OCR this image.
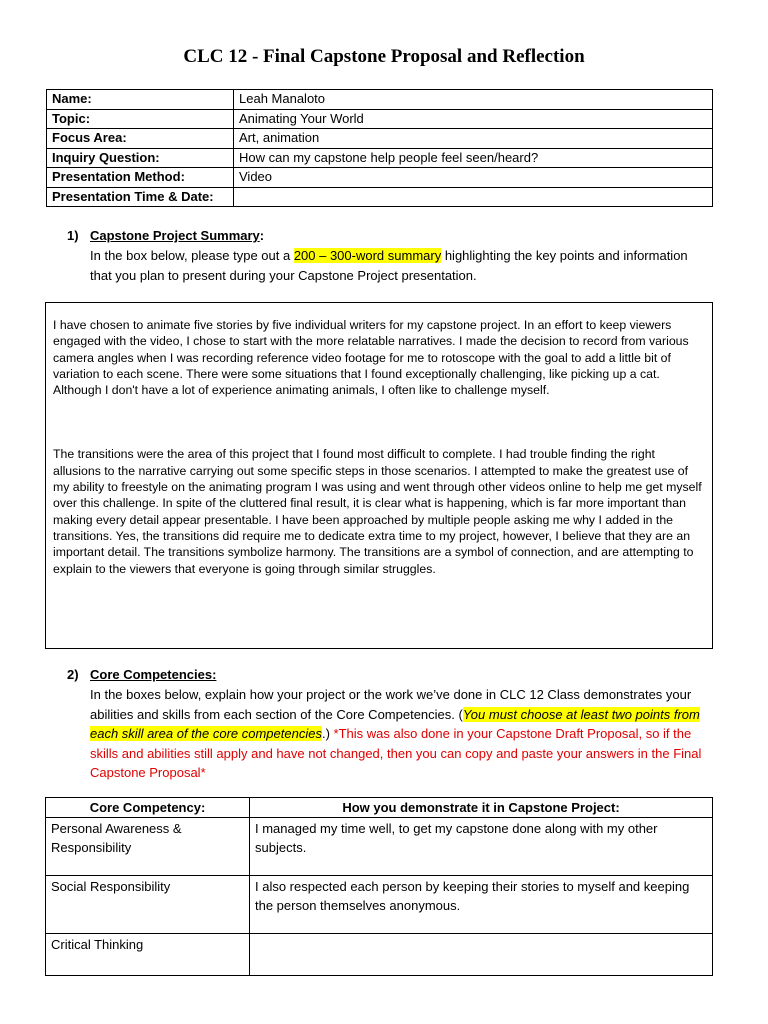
CLC 12 - Final Capstone Proposal and Reflection
Name:	Leah Manaloto
Topic:	Animating Your World
Focus Area:	Art, animation
Inquiry Question:	How can my capstone help people feel seen/heard?
Presentation Method:	Video
Presentation Time & Date:	
1) Capstone Project Summary:
In the box below, please type out a 200 – 300-word summary highlighting the key points and information that you plan to present during your Capstone Project presentation.

I have chosen to animate five stories by five individual writers for my capstone project. In an effort to keep viewers engaged with the video, I chose to start with the more relatable narratives. I made the decision to record from various camera angles when I was recording reference video footage for me to rotoscope with the goal to add a little bit of variation to each scene. There were some situations that I found exceptionally challenging, like picking up a cat. Although I don't have a lot of experience animating animals, I often like to challenge myself.

The transitions were the area of this project that I found most difficult to complete. I had trouble finding the right allusions to the narrative carrying out some specific steps in those scenarios. I attempted to make the greatest use of my ability to freestyle on the animating program I was using and went through other videos online to help me get myself over this challenge. In spite of the cluttered final result, it is clear what is happening, which is far more important than making every detail appear presentable. I have been approached by multiple people asking me why I added in the transitions. Yes, the transitions did require me to dedicate extra time to my project, however, I believe that they are an important detail. The transitions symbolize harmony. The transitions are a symbol of connection, and are attempting to explain to the viewers that everyone is going through similar struggles.

2) Core Competencies:
In the boxes below, explain how your project or the work we’ve done in CLC 12 Class demonstrates your abilities and skills from each section of the Core Competencies. (You must choose at least two points from each skill area of the core competencies.) *This was also done in your Capstone Draft Proposal, so if the skills and abilities still apply and have not changed, then you can copy and paste your answers in the Final Capstone Proposal*
Core Competency:	How you demonstrate it in Capstone Project:
Personal Awareness & Responsibility	I managed my time well, to get my capstone done along with my other subjects.
Social Responsibility	I also respected each person by keeping their stories to myself and keeping the person themselves anonymous.
Critical Thinking	
